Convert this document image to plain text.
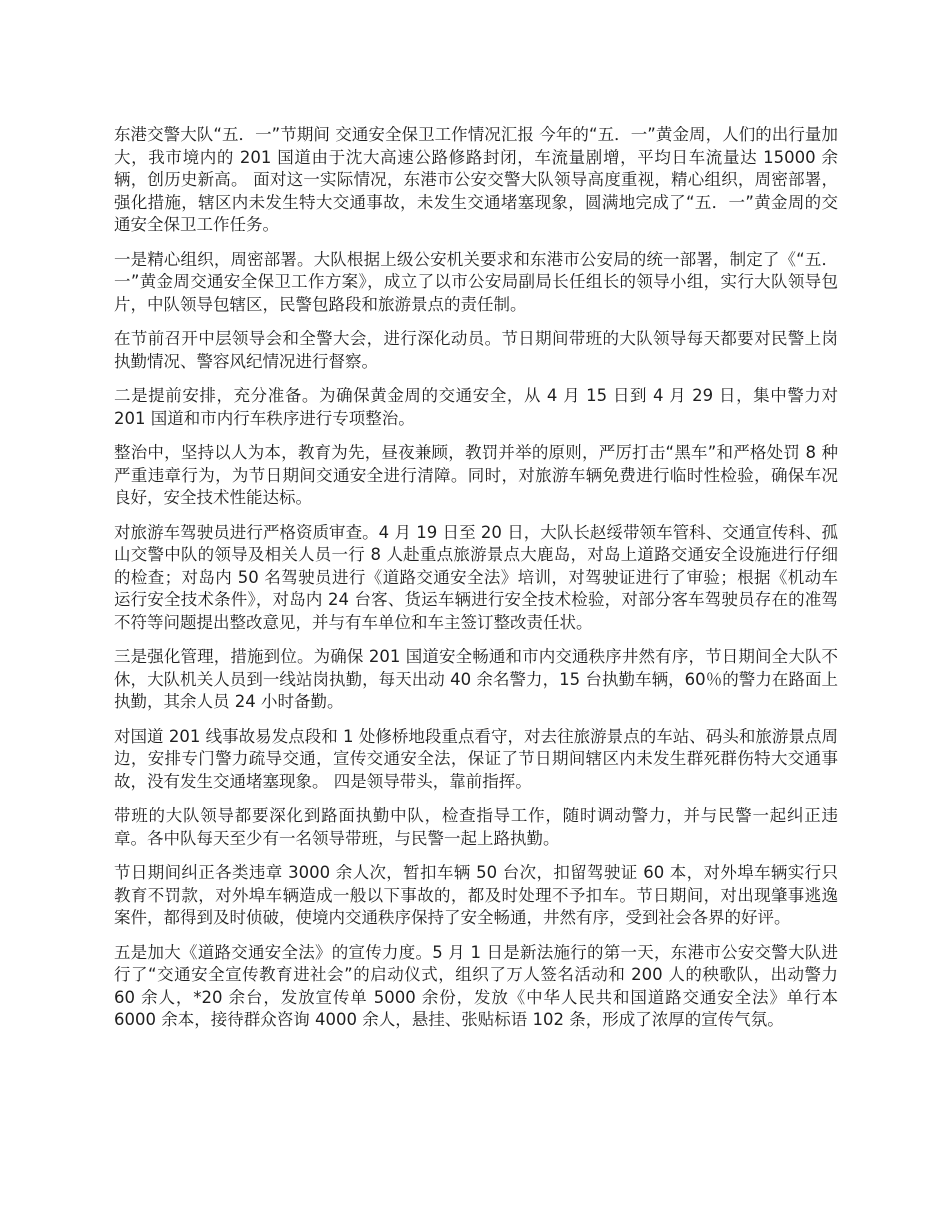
东港交警大队“五．一”节期间 交通安全保卫工作情况汇报 今年的“五．一”黄金周，人们的出行量加大，我市境内的 201 国道由于沈大高速公路修路封闭，车流量剧增，平均日车流量达 15000 余辆，创历史新高。 面对这一实际情况，东港市公安交警大队领导高度重视，精心组织，周密部署，强化措施，辖区内未发生特大交通事故，未发生交通堵塞现象，圆满地完成了“五．一”黄金周的交通安全保卫工作任务。

一是精心组织，周密部署。大队根据上级公安机关要求和东港市公安局的统一部署，制定了《“五．一”黄金周交通安全保卫工作方案》，成立了以市公安局副局长任组长的领导小组，实行大队领导包片，中队领导包辖区，民警包路段和旅游景点的责任制。

在节前召开中层领导会和全警大会，进行深化动员。节日期间带班的大队领导每天都要对民警上岗执勤情况、警容风纪情况进行督察。

二是提前安排，充分准备。为确保黄金周的交通安全，从 4 月 15 日到 4 月 29 日，集中警力对 201 国道和市内行车秩序进行专项整治。

整治中，坚持以人为本，教育为先，昼夜兼顾，教罚并举的原则，严厉打击“黑车”和严格处罚 8 种严重违章行为，为节日期间交通安全进行清障。同时，对旅游车辆免费进行临时性检验，确保车况良好，安全技术性能达标。

对旅游车驾驶员进行严格资质审查。4 月 19 日至 20 日，大队长赵绥带领车管科、交通宣传科、孤山交警中队的领导及相关人员一行 8 人赴重点旅游景点大鹿岛，对岛上道路交通安全设施进行仔细的检查；对岛内 50 名驾驶员进行《道路交通安全法》培训，对驾驶证进行了审验；根据《机动车运行安全技术条件》，对岛内 24 台客、货运车辆进行安全技术检验，对部分客车驾驶员存在的准驾不符等问题提出整改意见，并与有车单位和车主签订整改责任状。

三是强化管理，措施到位。为确保 201 国道安全畅通和市内交通秩序井然有序，节日期间全大队不休，大队机关人员到一线站岗执勤，每天出动 40 余名警力，15 台执勤车辆，60％的警力在路面上执勤，其余人员 24 小时备勤。

对国道 201 线事故易发点段和 1 处修桥地段重点看守，对去往旅游景点的车站、码头和旅游景点周边，安排专门警力疏导交通，宣传交通安全法，保证了节日期间辖区内未发生群死群伤特大交通事故，没有发生交通堵塞现象。 四是领导带头，靠前指挥。

带班的大队领导都要深化到路面执勤中队，检查指导工作，随时调动警力，并与民警一起纠正违章。各中队每天至少有一名领导带班，与民警一起上路执勤。

节日期间纠正各类违章 3000 余人次，暂扣车辆 50 台次，扣留驾驶证 60 本，对外埠车辆实行只教育不罚款，对外埠车辆造成一般以下事故的，都及时处理不予扣车。节日期间，对出现肇事逃逸案件，都得到及时侦破，使境内交通秩序保持了安全畅通，井然有序，受到社会各界的好评。

五是加大《道路交通安全法》的宣传力度。5 月 1 日是新法施行的第一天，东港市公安交警大队进行了“交通安全宣传教育进社会”的启动仪式，组织了万人签名活动和 200 人的秧歌队，出动警力 60 余人，*20 余台，发放宣传单 5000 余份，发放《中华人民共和国道路交通安全法》单行本 6000 余本，接待群众咨询 4000 余人，悬挂、张贴标语 102 条，形成了浓厚的宣传气氛。
